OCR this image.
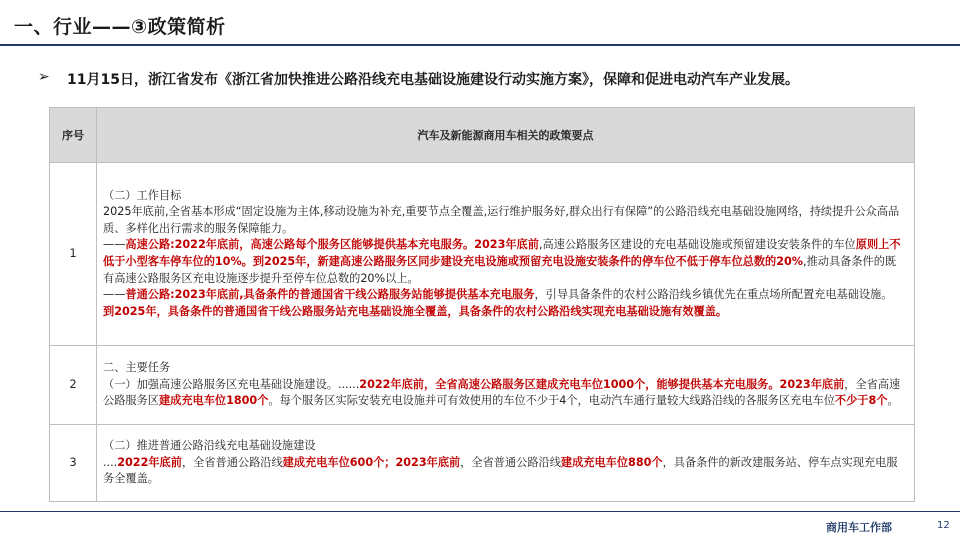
一、行业——③政策简析
➢ 11月15日，浙江省发布《浙江省加快推进公路沿线充电基础设施建设行动实施方案》，保障和促进电动汽车产业发展。
序号	汽车及新能源商用车相关的政策要点
1	（二）工作目标
2025年底前,全省基本形成“固定设施为主体,移动设施为补充,重要节点全覆盖,运行维护服务好,群众出行有保障”的公路沿线充电基础设施网络，持续提升公众高品质、多样化出行需求的服务保障能力。
——高速公路:2022年底前，高速公路每个服务区能够提供基本充电服务。2023年底前,高速公路服务区建设的充电基础设施或预留建设安装条件的车位原则上不低于小型客车停车位的10%。到2025年，新建高速公路服务区同步建设充电设施或预留充电设施安装条件的停车位不低于停车位总数的20%,推动具备条件的既有高速公路服务区充电设施逐步提升至停车位总数的20%以上。
——普通公路:2023年底前,具备条件的普通国省干线公路服务站能够提供基本充电服务，引导具备条件的农村公路沿线乡镇优先在重点场所配置充电基础设施。到2025年，具备条件的普通国省干线公路服务站充电基础设施全覆盖，具备条件的农村公路沿线实现充电基础设施有效覆盖。

2	二、主要任务
（一）加强高速公路服务区充电基础设施建设。......2022年底前，全省高速公路服务区建成充电车位1000个，能够提供基本充电服务。2023年底前，全省高速公路服务区建成充电车位1800个。每个服务区实际安装充电设施并可有效使用的车位不少于4个，电动汽车通行量较大线路沿线的各服务区充电车位不少于8个。

3	（二）推进普通公路沿线充电基础设施建设
....2022年底前，全省普通公路沿线建成充电车位600个；2023年底前，全省普通公路沿线建成充电车位880个，具备条件的新改建服务站、停车点实现充电服务全覆盖。
商用车工作部	12
